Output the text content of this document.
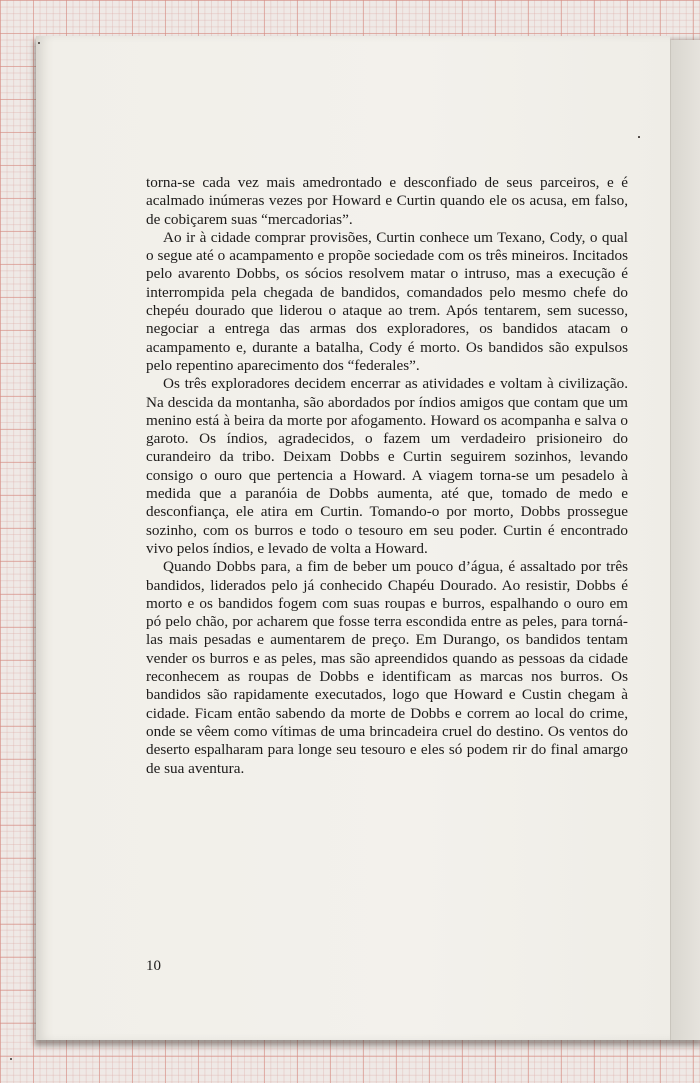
torna-se cada vez mais amedrontado e desconfiado de seus parceiros, e é acalmado inúmeras vezes por Howard e Curtin quando ele os acusa, em falso, de cobiçarem suas “mercadorias”.

Ao ir à cidade comprar provisões, Curtin conhece um Texano, Cody, o qual o segue até o acampamento e propõe sociedade com os três mineiros. Incitados pelo avarento Dobbs, os sócios resolvem matar o intruso, mas a execução é interrompida pela chegada de bandidos, comandados pelo mesmo chefe do chepéu dourado que liderou o ataque ao trem. Após tentarem, sem sucesso, negociar a entrega das armas dos exploradores, os bandidos atacam o acampamento e, durante a batalha, Cody é morto. Os bandidos são expulsos pelo repentino aparecimento dos “federales”.

Os três exploradores decidem encerrar as atividades e voltam à civilização. Na descida da montanha, são abordados por índios amigos que contam que um menino está à beira da morte por afogamento. Howard os acompanha e salva o garoto. Os índios, agradecidos, o fazem um verdadeiro prisioneiro do curandeiro da tribo. Deixam Dobbs e Curtin seguirem sozinhos, levando consigo o ouro que pertencia a Howard. A viagem torna-se um pesadelo à medida que a paranóia de Dobbs aumenta, até que, tomado de medo e desconfiança, ele atira em Curtin. Tomando-o por morto, Dobbs prossegue sozinho, com os burros e todo o tesouro em seu poder. Curtin é encontrado vivo pelos índios, e levado de volta a Howard.

Quando Dobbs para, a fim de beber um pouco d’água, é assaltado por três bandidos, liderados pelo já conhecido Chapéu Dourado. Ao resistir, Dobbs é morto e os bandidos fogem com suas roupas e burros, espalhando o ouro em pó pelo chão, por acharem que fosse terra escondida entre as peles, para torná-las mais pesadas e aumentarem de preço. Em Durango, os bandidos tentam vender os burros e as peles, mas são apreendidos quando as pessoas da cidade reconhecem as roupas de Dobbs e identificam as marcas nos burros. Os bandidos são rapidamente executados, logo que Howard e Custin chegam à cidade. Ficam então sabendo da morte de Dobbs e correm ao local do crime, onde se vêem como vítimas de uma brincadeira cruel do destino. Os ventos do deserto espalharam para longe seu tesouro e eles só podem rir do final amargo de sua aventura.

10
